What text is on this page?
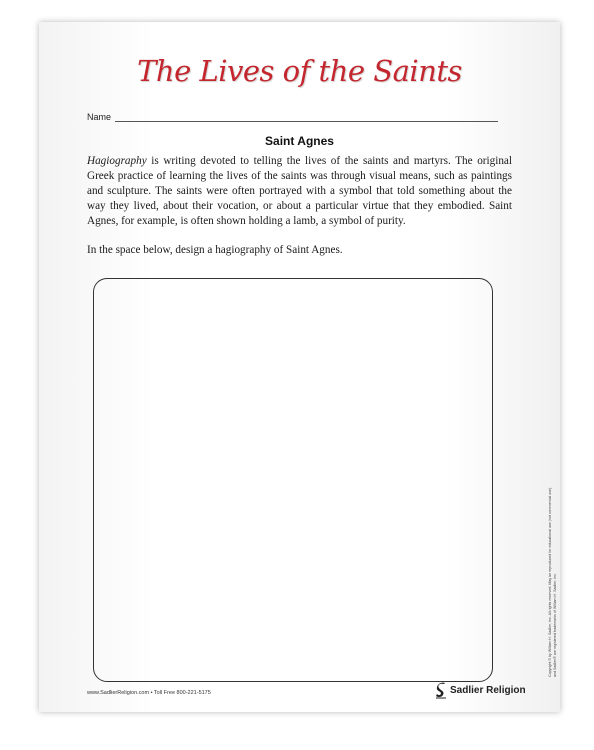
The Lives of the Saints
Name
Saint Agnes

Hagiography is writing devoted to telling the lives of the saints and martyrs. The original Greek practice of learning the lives of the saints was through visual means, such as paintings and sculpture. The saints were often portrayed with a symbol that told something about the way they lived, about their vocation, or about a particular virtue that they embodied. Saint Agnes, for example, is often shown holding a lamb, a symbol of purity.

In the space below, design a hagiography of Saint Agnes.

Copyright © by William H. Sadlier, Inc. All rights reserved. May be reproduced for educational use (not commercial use). and Sadlier® are registered trademarks of William H. Sadlier, Inc.
www.SadlierReligion.com • Toll Free 800-221-5175	Sadlier Religion
